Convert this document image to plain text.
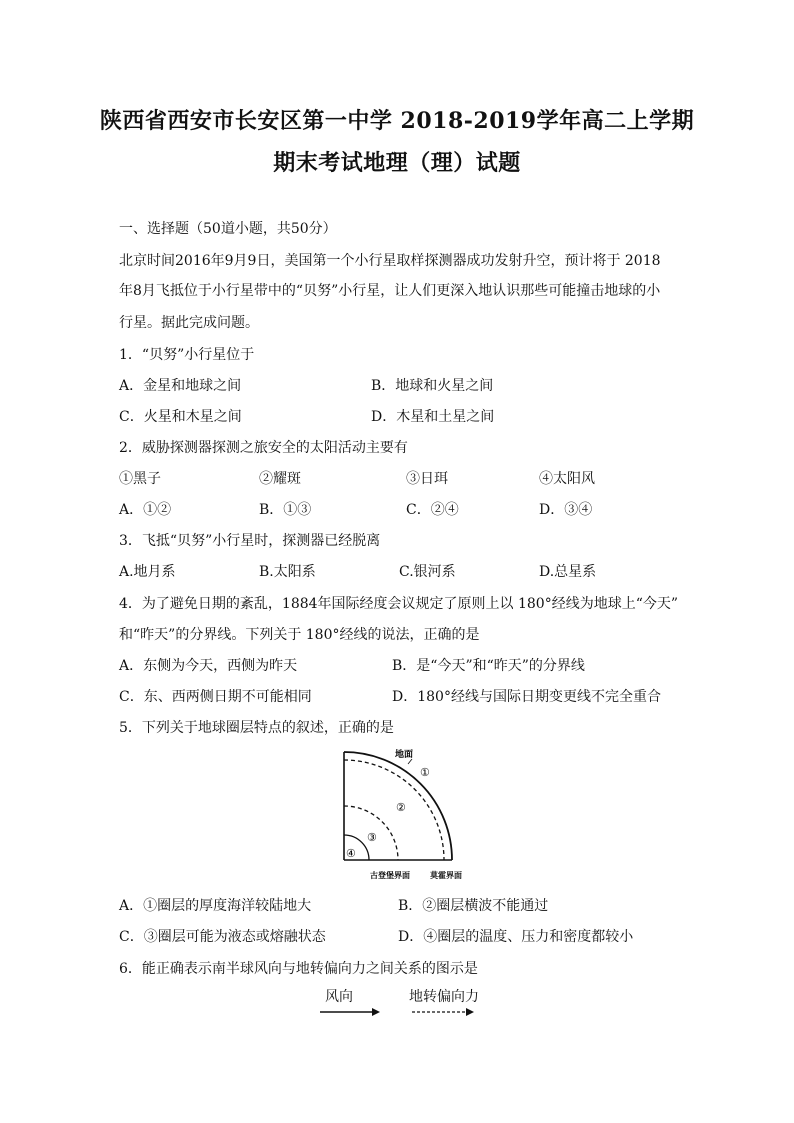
陕西省西安市长安区第一中学 2018-2019学年高二上学期
期末考试地理（理）试题
一、选择题（50道小题，共50分）
北京时间2016年9月9日，美国第一个小行星取样探测器成功发射升空，预计将于 2018
年8月飞抵位于小行星带中的“贝努”小行星，让人们更深入地认识那些可能撞击地球的小
行星。据此完成问题。
1．“贝努”小行星位于
A．金星和地球之间	B．地球和火星之间
C．火星和木星之间	D．木星和土星之间
2．威胁探测器探测之旅安全的太阳活动主要有
①黑子	②耀斑	③日珥	④太阳风
A．①②	B．①③	C．②④	D．③④
3．飞抵“贝努”小行星时，探测器已经脱离
A.地月系	B.太阳系	C.银河系	D.总星系
4．为了避免日期的紊乱，1884年国际经度会议规定了原则上以 180°经线为地球上“今天”
和“昨天”的分界线。下列关于 180°经线的说法，正确的是
A．东侧为今天，西侧为昨天	B．是“今天”和“昨天”的分界线
C．东、西两侧日期不可能相同	D．180°经线与国际日期变更线不完全重合
5．下列关于地球圈层特点的叙述，正确的是
地面
①
②
③
④
古登堡界面	莫霍界面
A．①圈层的厚度海洋较陆地大	B．②圈层横波不能通过
C．③圈层可能为液态或熔融状态	D．④圈层的温度、压力和密度都较小
6．能正确表示南半球风向与地转偏向力之间关系的图示是
风向	地转偏向力
